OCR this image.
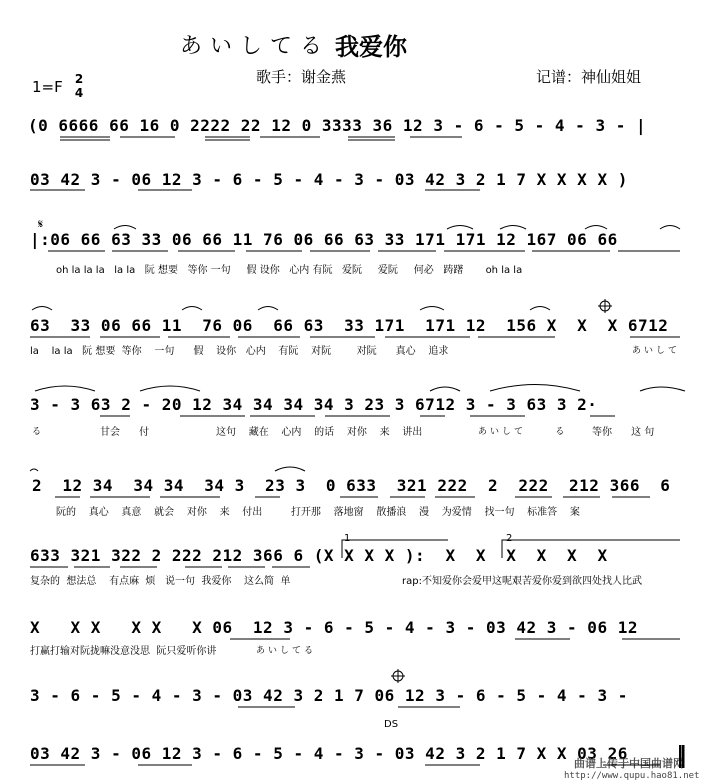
あいしてる 我爱你
1=F 2
4
歌手：谢金燕	记谱：神仙姐姐
(0 6666 66 16 0 2222 22 12 0 3333 36 12 3 - 6 - 5 - 4 - 3 - |
03 42 3 - 06 12 3 - 6 - 5 - 4 - 3 - 03 42 3 2 1 7 X X X X )
|:06 66 63 33 06 66 11 76 06 66 63 33 171 171 12 167 06 66
oh la la la   la la   阮 想要   等你 一句     假 设你   心内 有阮   爱阮     爱阮     何必   踌躇       oh la la
63  33 06 66 11  76 06  66 63  33 171  171 12  156 X  X  X 6712
la    la la   阮 想要  等你    一句      假    设你   心内    有阮    对阮        对阮      真心    追求	あいして
3 - 3 63 2 - 20 12 34 34 34 34 3 23 3 6712 3 - 3 63 3 2·
る	甘会      付	这句    藏在    心内    的话    对你    来    讲出	あいして     る 等你      这 句
2  12 34  34 34  34 3  23 3  0 633  321 222  2  222  212 366  6
阮的    真心    真意    就会    对你    来    付出         打开那    落地窗    散播浪    漫    为爱情    找一句    标准答    案
633 321 322 2 222 212 366 6 (X X X X ):  X  X  X  X  X  X
复杂的  想法总    有点麻  烦   说一句  我爱你    这么简  单	rap:不知爱你会爱甲这呢艰苦爱你爱到欲四处找人比武
1	2
X   X X   X X   X 06  12 3 - 6 - 5 - 4 - 3 - 03 42 3 - 06 12
打赢打输对阮拢嘛没意没思  阮只爱听你讲	あいしてる
3 - 6 - 5 - 4 - 3 - 03 42 3 2 1 7 06 12 3 - 6 - 5 - 4 - 3 -
DS
03 42 3 - 06 12 3 - 6 - 5 - 4 - 3 - 03 42 3 2 1 7 X X 03 26
曲谱上传于中国曲谱网
http://www.qupu.hao81.net
𝄋
